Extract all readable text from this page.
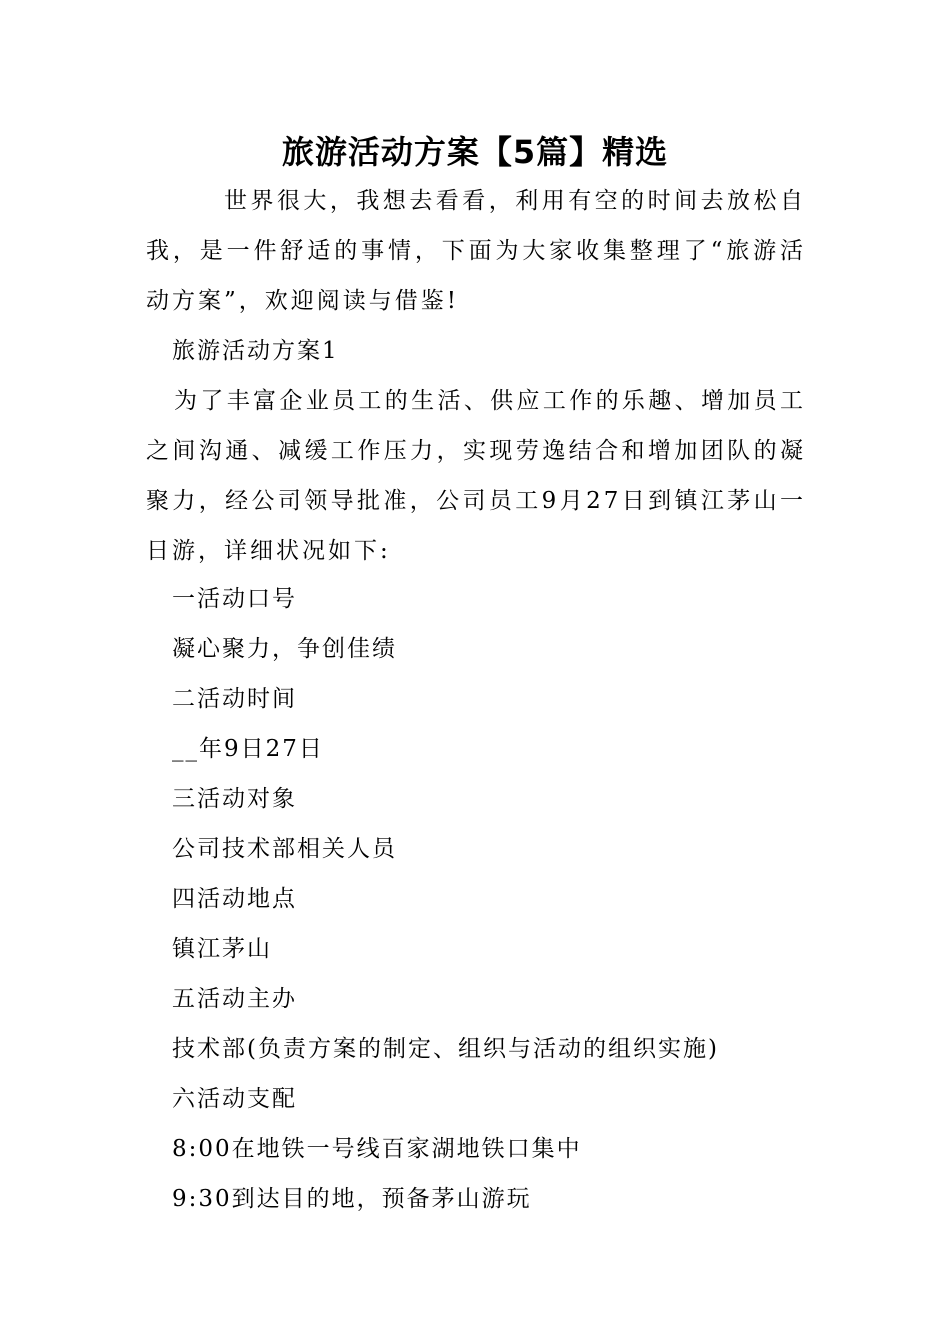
旅游活动方案【5篇】精选

世界很大，我想去看看，利用有空的时间去放松自我，是一件舒适的事情，下面为大家收集整理了“旅游活动方案”，欢迎阅读与借鉴!

旅游活动方案1

为了丰富企业员工的生活、供应工作的乐趣、增加员工之间沟通、减缓工作压力，实现劳逸结合和增加团队的凝聚力，经公司领导批准，公司员工9月27日到镇江茅山一日游，详细状况如下:

一活动口号

凝心聚力，争创佳绩

二活动时间

__年9日27日

三活动对象

公司技术部相关人员

四活动地点

镇江茅山

五活动主办

技术部(负责方案的制定、组织与活动的组织实施)

六活动支配

8:00在地铁一号线百家湖地铁口集中

9:30到达目的地，预备茅山游玩
